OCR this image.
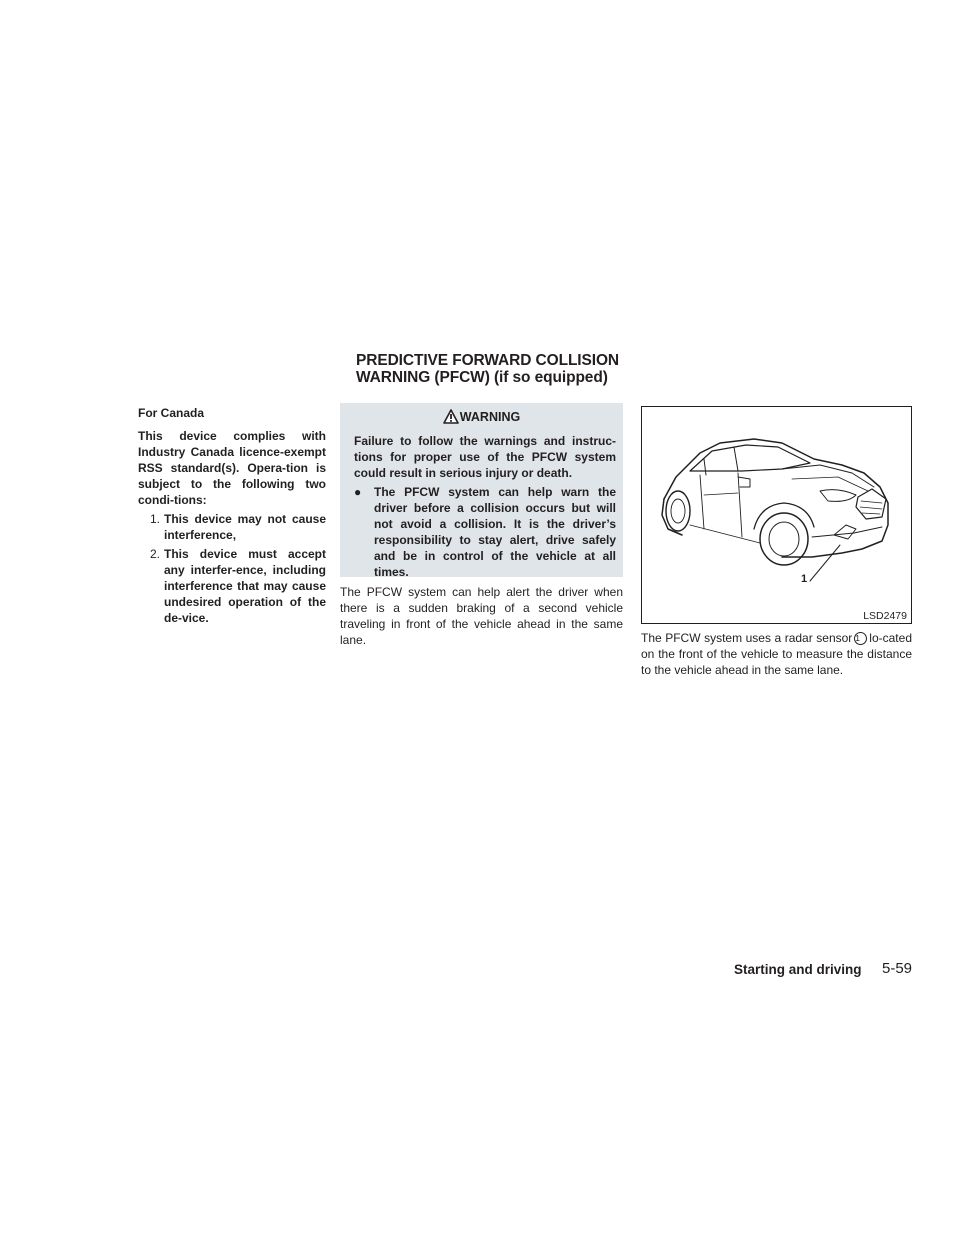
PREDICTIVE FORWARD COLLISION
WARNING (PFCW) (if so equipped)

For Canada

This device complies with Industry Canada licence-exempt RSS standard(s). Opera-tion is subject to the following two condi-tions:

1. This device may not cause interference,
2. This device must accept any interfer-ence, including interference that may cause undesired operation of the de-vice.
WARNING

Failure to follow the warnings and instruc-tions for proper use of the PFCW system could result in serious injury or death.

● The PFCW system can help warn the driver before a collision occurs but will not avoid a collision. It is the driver’s responsibility to stay alert, drive safely and be in control of the vehicle at all times.
The PFCW system can help alert the driver when there is a sudden braking of a second vehicle traveling in front of the vehicle ahead in the same lane.
1
LSD2479
The PFCW system uses a radar sensor 1 lo-cated on the front of the vehicle to measure the distance to the vehicle ahead in the same lane.
Starting and driving 5-59
